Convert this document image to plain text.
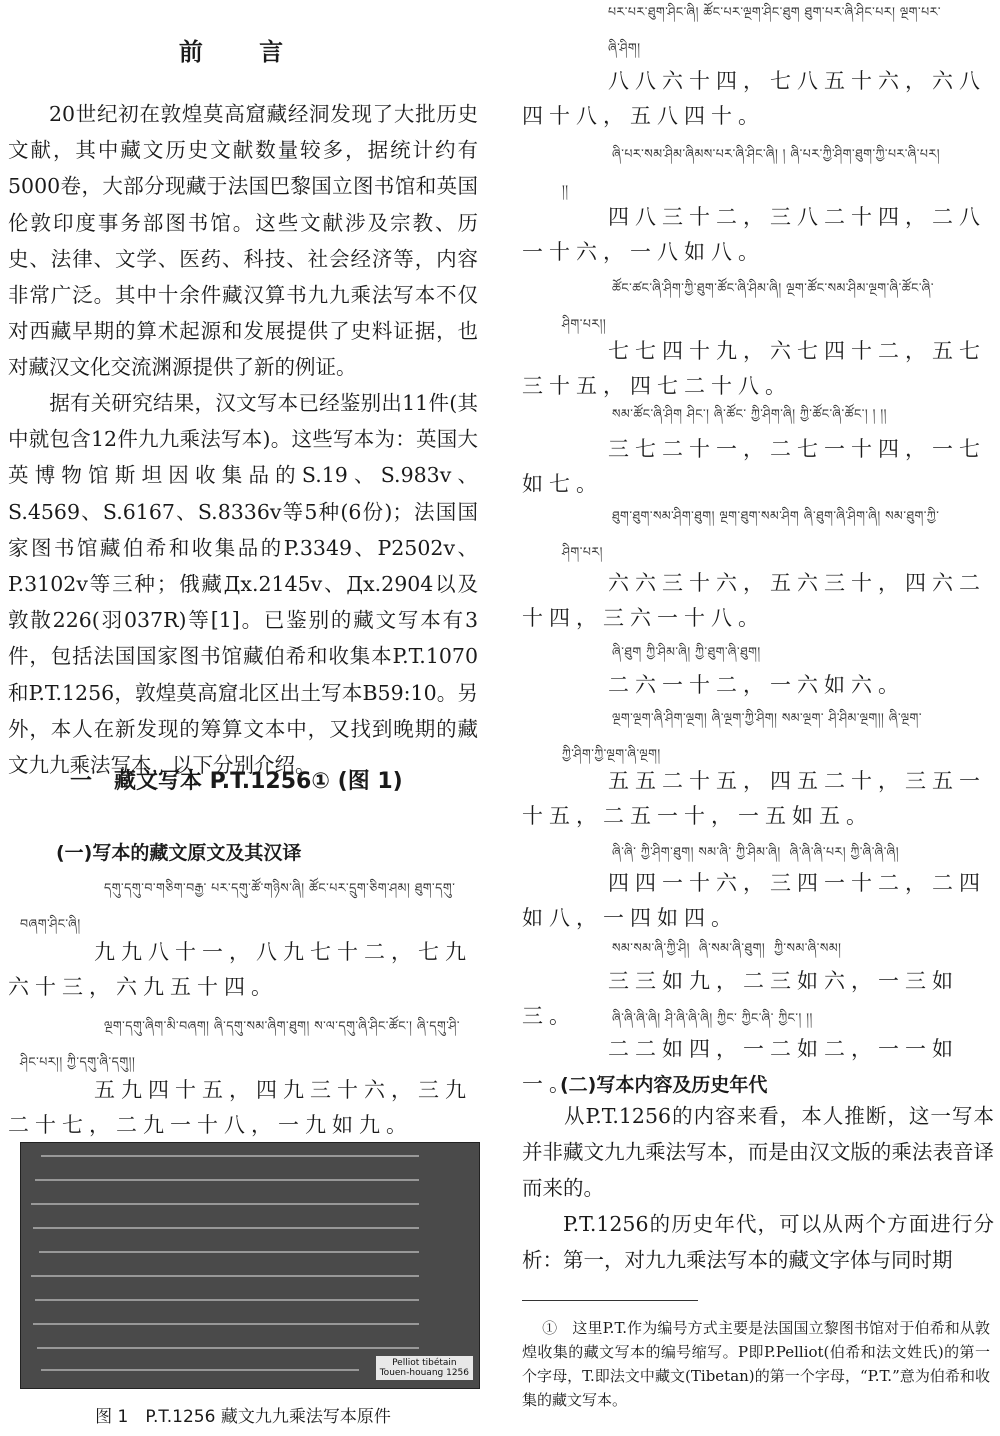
前 言

20世纪初在敦煌莫高窟藏经洞发现了大批历史文献，其中藏文历史文献数量较多，据统计约有5000卷，大部分现藏于法国巴黎国立图书馆和英国伦敦印度事务部图书馆。这些文献涉及宗教、历史、法律、文学、医药、科技、社会经济等，内容非常广泛。其中十余件藏汉算书九九乘法写本不仅对西藏早期的算术起源和发展提供了史料证据，也对藏汉文化交流渊源提供了新的例证。

据有关研究结果，汉文写本已经鉴别出11件(其中就包含12件九九乘法写本)。这些写本为：英国大英博物馆斯坦因收集品的S.19、S.983v、S.4569、S.6167、S.8336v等5种(6份)；法国国家图书馆藏伯希和收集品的P.3349、P2502v、P.3102v等三种；俄藏Дx.2145v、Дx.2904以及敦散226(羽037R)等[1]。已鉴别的藏文写本有3件，包括法国国家图书馆藏伯希和收集本P.T.1070和P.T.1256，敦煌莫高窟北区出土写本B59:10。另外，本人在新发现的筹算文本中，又找到晚期的藏文九九乘法写本，以下分别介绍。

一　藏文写本 P.T.1256① (图 1)
(一)写本的藏文原文及其汉译
དགུ་དགུ་བ་གཅིག་བརྒྱ་ པར་དགུ་ཚོ་གཉིས་ཞི། ཚོང་པར་དྲུག་ཅིག་ཤམ། ཐུག་དགུ་
བཞག་ཤིང་ཞི།
九九八十一，八九七十二，七九六十三，六九五十四。
ལྔག་དགུ་ཞིག་མི་བཞག། ཞི་དགུ་སམ་ཞིག་ཐུག། ས་ལ་དགུ་ཞི་ཤིང་ཚོང་། ཞི་དགུ་ཤི་
ཤིང་པར།། ཀྱི་དགུ་ཞི་དགུ།།
五九四十五，四九三十六，三九二十七，二九一十八，一九如九。
Pelliot tibétain
Touen-houang 1256
图 1　P.T.1256 藏文九九乘法写本原件
པར་པར་ཐུག་ཤིང་ཞི། ཚོང་པར་ལྔག་ཤིང་ཐུག ཐུག་པར་ཞི་ཤིང་པར། ལྔག་པར་
ཞི་ཤིག།
八八六十四，七八五十六，六八四十八，五八四十。
ཞི་པར་སམ་ཤིམ་ཞིམས་པར་ཞི་ཤིང་ཞི། ། ཞི་པར་ཀྱི་ཤིག་ཐུག་ཀྱི་པར་ཞི་པར།
།།
四八三十二，三八二十四，二八一十六，一八如八。
ཚོང་ཚང་ཞི་ཤིག་ཀྱི་ཐུག་ཚོང་ཞི་ཤིམ་ཞི། ལྔག་ཚོང་སམ་ཤིམ་ལྔག་ཞི་ཚོང་ཞི་
ཤིག་པར།།
七七四十九，六七四十二，五七三十五，四七二十八。
སམ་ཚོང་ཞི་ཤིག ཤིང་། ཞི་ཚོང་ ཀྱི་ཤིག་ཞི། ཀྱི་ཚོང་ཞི་ཚོང་། ། །།
三七二十一，二七一十四，一七如七。
ཐུག་ཐུག་སམ་ཤིག་ཐུག། ལྔག་ཐུག་སམ་ཤིག ཞི་ཐུག་ཞི་ཤིག་ཞི། སམ་ཐུག་ཀྱི་
ཤིག་པར།
六六三十六，五六三十，四六二十四，三六一十八。
ཞི་ཐུག ཀྱི་ཤིམ་ཞི། ཀྱི་ཐུག་ཞི་ཐུག།
二六一十二，一六如六。
ལྔག་ལྔག་ཞི་ཤིག་ལྔག། ཞི་ལྔག་ཀྱི་ཤིག། སམ་ལྔག་ ཤི་ཤིམ་ལྔག།། ཞི་ལྔག་
ཀྱི་ཤིག་ཀྱི་ལྔག་ཞི་ལྔག།
五五二十五，四五二十，三五一十五，二五一十，一五如五。
ཞི་ཞི་ ཀྱི་ཤིག་ཐུག། སམ་ཞི་ ཀྱི་ཤིམ་ཞི།  ཞི་ཞི་ཞི་པར། ཀྱི་ཞི་ཞི་ཞི།
四四一十六，三四一十二，二四如八，一四如四。
སམ་སམ་ཞི་ཀྱི་ཤི།  ཞི་སམ་ཞི་ཐུག།  ཀྱི་སམ་ཞི་སམ།
三三如九，二三如六，一三如三。	ཞི་ཞི་ཞི་ཞི། ཤི་ཞི་ཞི་ཞི། ཀྱིང་ ཀྱིང་ཞི་ ཀྱིང་། །།
二二如四，一二如二，一一如一。
(二)写本内容及历史年代

从P.T.1256的内容来看，本人推断，这一写本并非藏文九九乘法写本，而是由汉文版的乘法表音译而来的。

P.T.1256的历史年代，可以从两个方面进行分析：第一，对九九乘法写本的藏文字体与同时期

①　这里P.T.作为编号方式主要是法国国立黎图书馆对于伯希和从敦煌收集的藏文写本的编号缩写。P即P.Pelliot(伯希和法文姓氏)的第一个字母，T.即法文中藏文(Tibetan)的第一个字母，“P.T.”意为伯希和收集的藏文写本。
